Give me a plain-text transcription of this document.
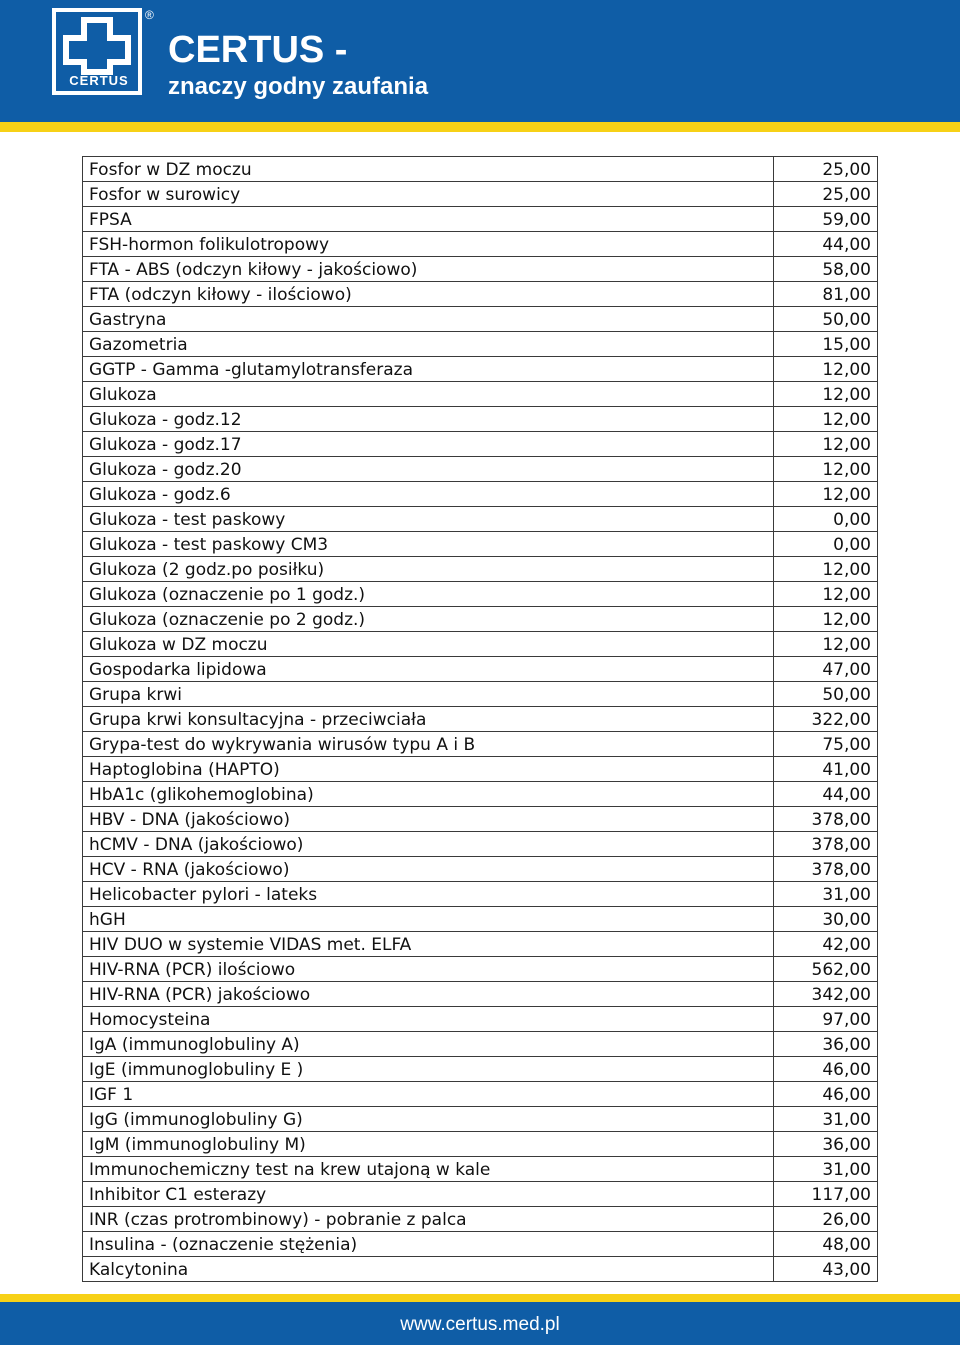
CERTUS
®
CERTUS -
znaczy godny zaufania
Fosfor w DZ moczu	25,00
Fosfor w surowicy	25,00
FPSA	59,00
FSH-hormon folikulotropowy	44,00
FTA - ABS (odczyn kiłowy - jakościowo)	58,00
FTA (odczyn kiłowy - ilościowo)	81,00
Gastryna	50,00
Gazometria	15,00
GGTP - Gamma -glutamylotransferaza	12,00
Glukoza	12,00
Glukoza - godz.12	12,00
Glukoza - godz.17	12,00
Glukoza - godz.20	12,00
Glukoza - godz.6	12,00
Glukoza - test paskowy	0,00
Glukoza - test paskowy CM3	0,00
Glukoza (2 godz.po posiłku)	12,00
Glukoza (oznaczenie po 1 godz.)	12,00
Glukoza (oznaczenie po 2 godz.)	12,00
Glukoza w DZ moczu	12,00
Gospodarka lipidowa	47,00
Grupa krwi	50,00
Grupa krwi konsultacyjna - przeciwciała	322,00
Grypa-test do wykrywania wirusów typu A i B	75,00
Haptoglobina (HAPTO)	41,00
HbA1c (glikohemoglobina)	44,00
HBV - DNA (jakościowo)	378,00
hCMV - DNA (jakościowo)	378,00
HCV - RNA (jakościowo)	378,00
Helicobacter pylori - lateks	31,00
hGH	30,00
HIV DUO w systemie VIDAS met. ELFA	42,00
HIV-RNA (PCR) ilościowo	562,00
HIV-RNA (PCR) jakościowo	342,00
Homocysteina	97,00
IgA (immunoglobuliny A)	36,00
IgE (immunoglobuliny E )	46,00
IGF 1	46,00
IgG (immunoglobuliny G)	31,00
IgM (immunoglobuliny M)	36,00
Immunochemiczny test na krew utajoną w kale	31,00
Inhibitor C1 esterazy	117,00
INR (czas protrombinowy) - pobranie z palca	26,00
Insulina - (oznaczenie stężenia)	48,00
Kalcytonina	43,00
www.certus.med.pl
